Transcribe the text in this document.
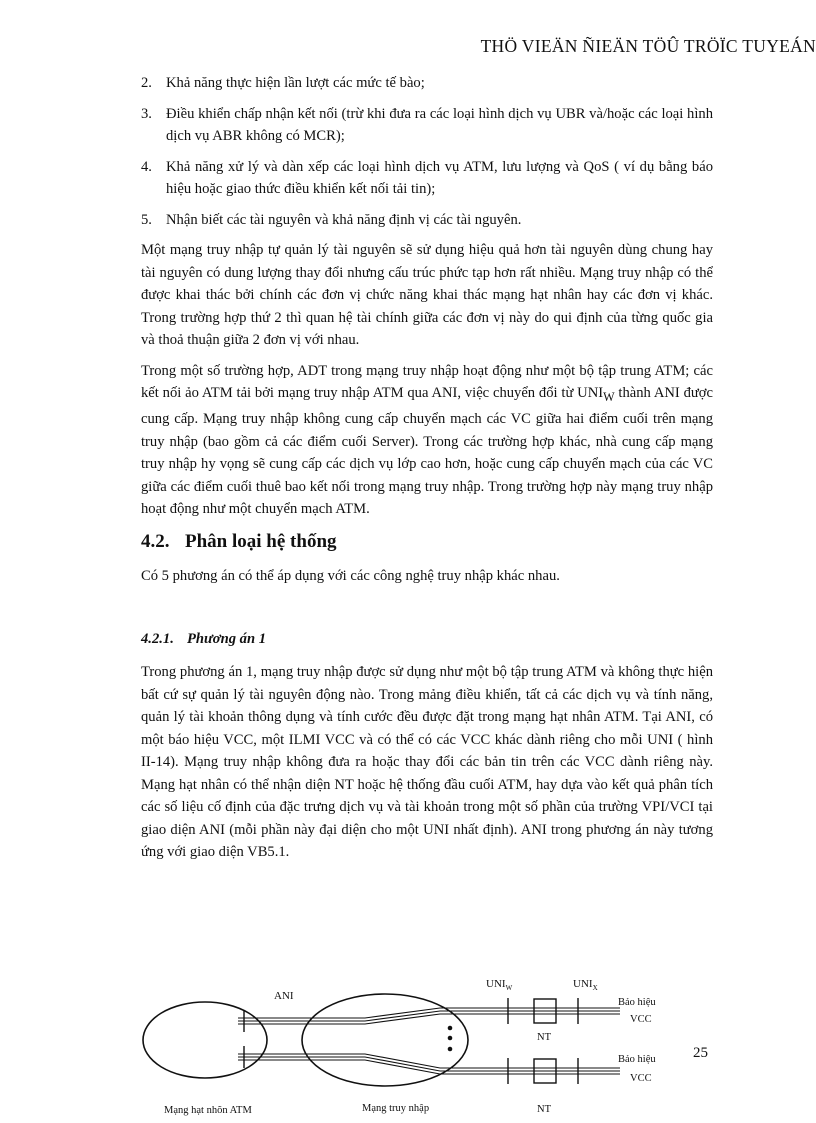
THÖ VIEÄN ÑIEÄN TÖÛ TRÖÏC TUYEÁN
2. Khả năng thực hiện lần lượt các mức tế bào;
3. Điều khiển chấp nhận kết nối (trừ khi đưa ra các loại hình dịch vụ UBR và/hoặc các loại hình dịch vụ ABR không có MCR);
4. Khả năng xử lý và dàn xếp các loại hình dịch vụ ATM, lưu lượng và QoS ( ví dụ bằng báo hiệu hoặc giao thức điều khiển kết nối tải tin);
5. Nhận biết các tài nguyên và khả năng định vị các tài nguyên.

Một mạng truy nhập tự quản lý tài nguyên sẽ sử dụng hiệu quả hơn tài nguyên dùng chung hay tài nguyên có dung lượng thay đổi nhưng cấu trúc phức tạp hơn rất nhiều. Mạng truy nhập có thể được khai thác bởi chính các đơn vị chức năng khai thác mạng hạt nhân hay các đơn vị khác. Trong trường hợp thứ 2 thì quan hệ tài chính giữa các đơn vị này do qui định của từng quốc gia và thoả thuận giữa 2 đơn vị với nhau.

Trong một số trường hợp, ADT trong mạng truy nhập hoạt động như một bộ tập trung ATM; các kết nối ảo ATM tải bởi mạng truy nhập ATM qua ANI, việc chuyển đổi từ $UNI_W$ thành ANI được cung cấp. Mạng truy nhập không cung cấp chuyển mạch các VC giữa hai điểm cuối trên mạng truy nhập (bao gồm cả các điểm cuối Server). Trong các trường hợp khác, nhà cung cấp mạng truy nhập hy vọng sẽ cung cấp các dịch vụ lớp cao hơn, hoặc cung cấp chuyển mạch của các VC giữa các điểm cuối thuê bao kết nối trong mạng truy nhập. Trong trường hợp này mạng truy nhập hoạt động như một chuyển mạch ATM.

4.2. Phân loại hệ thống

Có 5 phương án có thể áp dụng với các công nghệ truy nhập khác nhau.

4.2.1. Phương án 1

Trong phương án 1, mạng truy nhập được sử dụng như một bộ tập trung ATM và không thực hiện bất cứ sự quản lý tài nguyên động nào. Trong mảng điều khiển, tất cả các dịch vụ và tính năng, quản lý tài khoản thông dụng và tính cước đều được đặt trong mạng hạt nhân ATM. Tại ANI, có một báo hiệu VCC, một ILMI VCC và có thể có các VCC khác dành riêng cho mỗi UNI ( hình II-14). Mạng truy nhập không đưa ra hoặc thay đổi các bản tin trên các VCC dành riêng này. Mạng hạt nhân có thể nhận diện NT hoặc hệ thống đầu cuối ATM, hay dựa vào kết quả phân tích các số liệu cố định của đặc trưng dịch vụ và tài khoản trong một số phần của trường VPI/VCI tại giao diện ANI (mỗi phần này đại diện cho một UNI nhất định). ANI trong phương án này tương ứng với giao diện VB5.1.

ANI
$UNI_W$	$UNI_X$
Bảo hiệu
VCC
NT
Bảo hiệu
VCC
Mạng hạt nhõn ATM	Mạng truy nhập	NT
25
